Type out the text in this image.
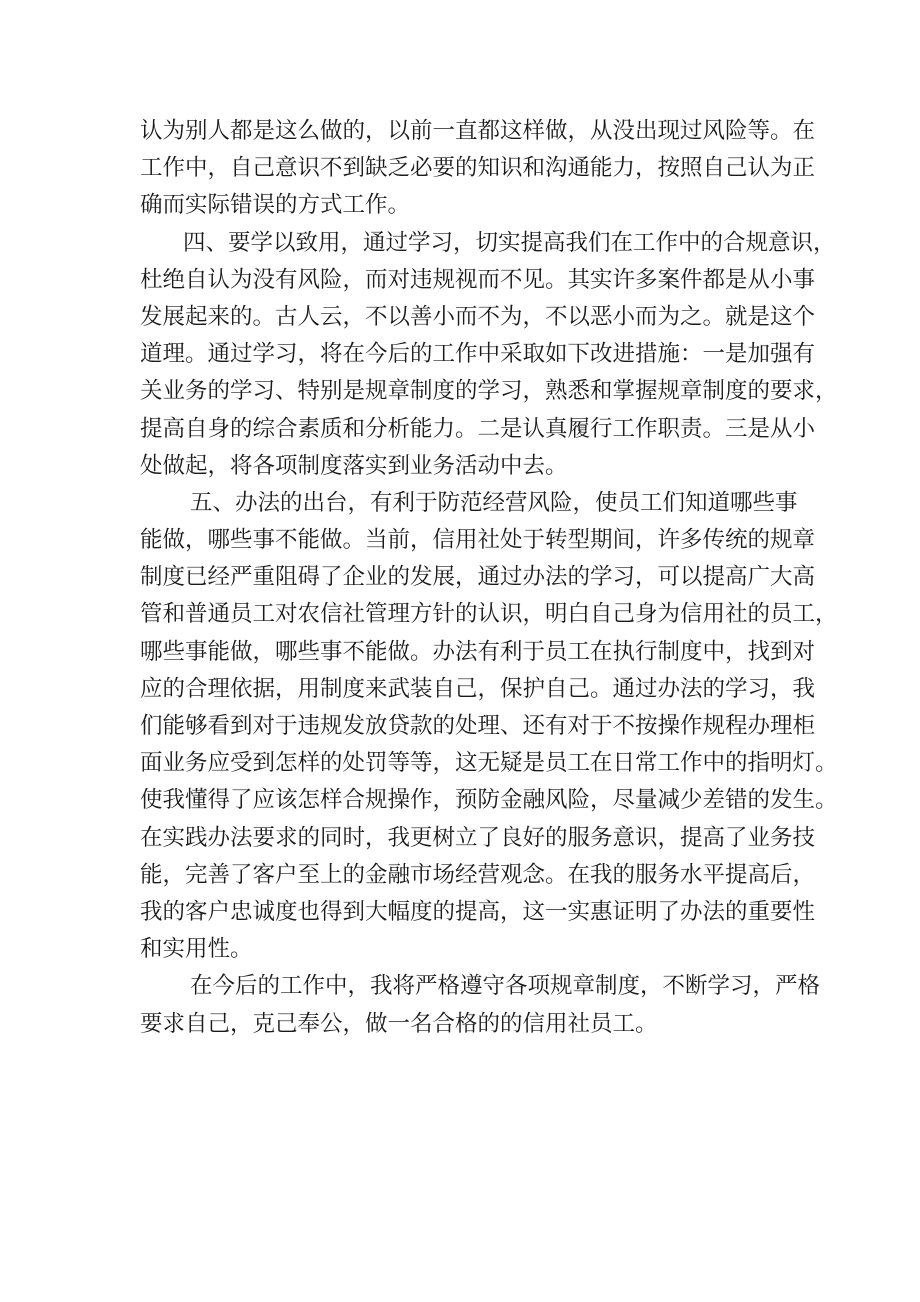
认为别人都是这么做的，以前一直都这样做，从没出现过风险等。在
工作中，自己意识不到缺乏必要的知识和沟通能力，按照自己认为正
确而实际错误的方式工作。
四、要学以致用，通过学习，切实提高我们在工作中的合规意识，
杜绝自认为没有风险，而对违规视而不见。其实许多案件都是从小事
发展起来的。古人云，不以善小而不为，不以恶小而为之。就是这个
道理。通过学习，将在今后的工作中采取如下改进措施：一是加强有
关业务的学习、特别是规章制度的学习，熟悉和掌握规章制度的要求，
提高自身的综合素质和分析能力。二是认真履行工作职责。三是从小
处做起，将各项制度落实到业务活动中去。
五、办法的出台，有利于防范经营风险，使员工们知道哪些事
能做，哪些事不能做。当前，信用社处于转型期间，许多传统的规章
制度已经严重阻碍了企业的发展，通过办法的学习，可以提高广大高
管和普通员工对农信社管理方针的认识，明白自己身为信用社的员工，
哪些事能做，哪些事不能做。办法有利于员工在执行制度中，找到对
应的合理依据，用制度来武装自己，保护自己。通过办法的学习，我
们能够看到对于违规发放贷款的处理、还有对于不按操作规程办理柜
面业务应受到怎样的处罚等等，这无疑是员工在日常工作中的指明灯。
使我懂得了应该怎样合规操作，预防金融风险，尽量减少差错的发生。
在实践办法要求的同时，我更树立了良好的服务意识，提高了业务技
能，完善了客户至上的金融市场经营观念。在我的服务水平提高后，
我的客户忠诚度也得到大幅度的提高，这一实惠证明了办法的重要性
和实用性。
在今后的工作中，我将严格遵守各项规章制度，不断学习，严格
要求自己，克己奉公，做一名合格的的信用社员工。
